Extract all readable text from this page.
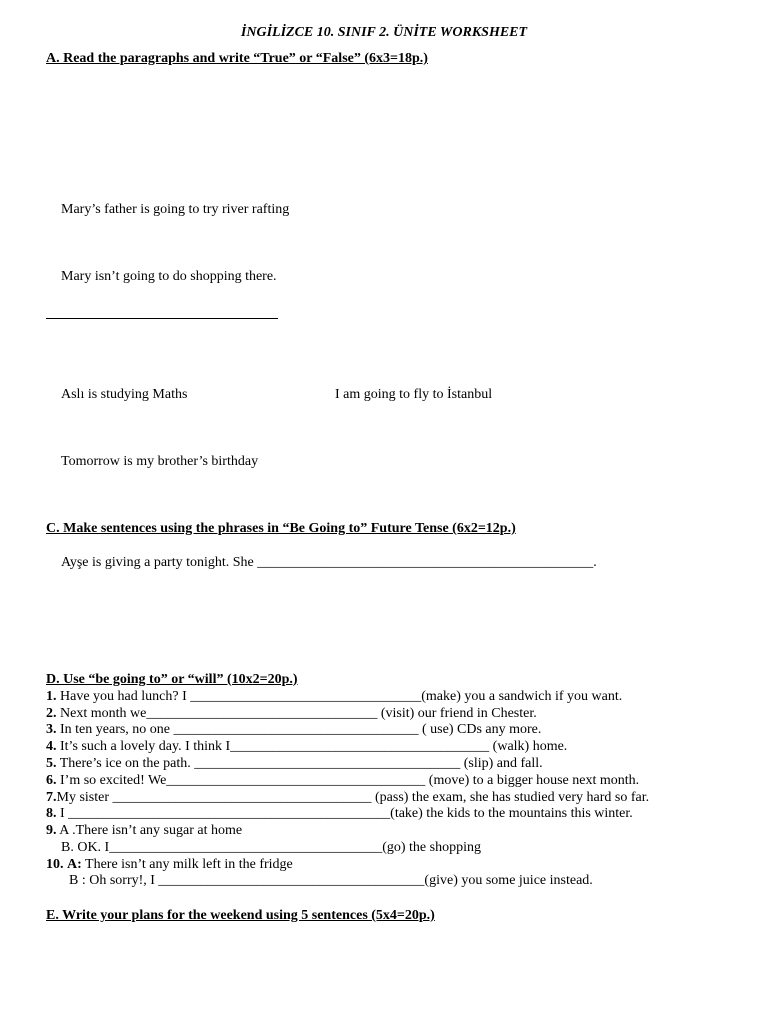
İNGİLİZCE 10. SINIF 2. ÜNİTE WORKSHEET
A. Read the paragraphs and write “True” or “False” (6x3=18p.)
Mary’s father is going to try river rafting
Mary isn’t going to do shopping there.
Aslı is studying Maths	I am going to fly to İstanbul
Tomorrow is my brother’s birthday
C. Make sentences using the phrases in “Be Going to” Future Tense (6x2=12p.)
Ayşe is giving a party tonight. She ________________________________________________.
D. Use “be going to” or “will” (10x2=20p.)
1. Have you had lunch? I _________________________________(make) you a sandwich if you want.
2. Next month we_________________________________ (visit) our friend in Chester.
3. In ten years, no one ___________________________________ ( use) CDs any more.
4. It’s such a lovely day. I think I_____________________________________ (walk) home.
5. There’s ice on the path. ______________________________________ (slip) and fall.
6. I’m so excited! We_____________________________________ (move) to a bigger house next month.
7.My sister _____________________________________ (pass) the exam, she has studied very hard so far.
8. I ______________________________________________(take) the kids to the mountains this winter.
9. A .There isn’t any sugar at home
B. OK. I_______________________________________(go) the shopping
10. A: There isn’t any milk left in the fridge
B : Oh sorry!, I ______________________________________(give) you some juice instead.
E. Write your plans for the weekend using 5 sentences (5x4=20p.)
